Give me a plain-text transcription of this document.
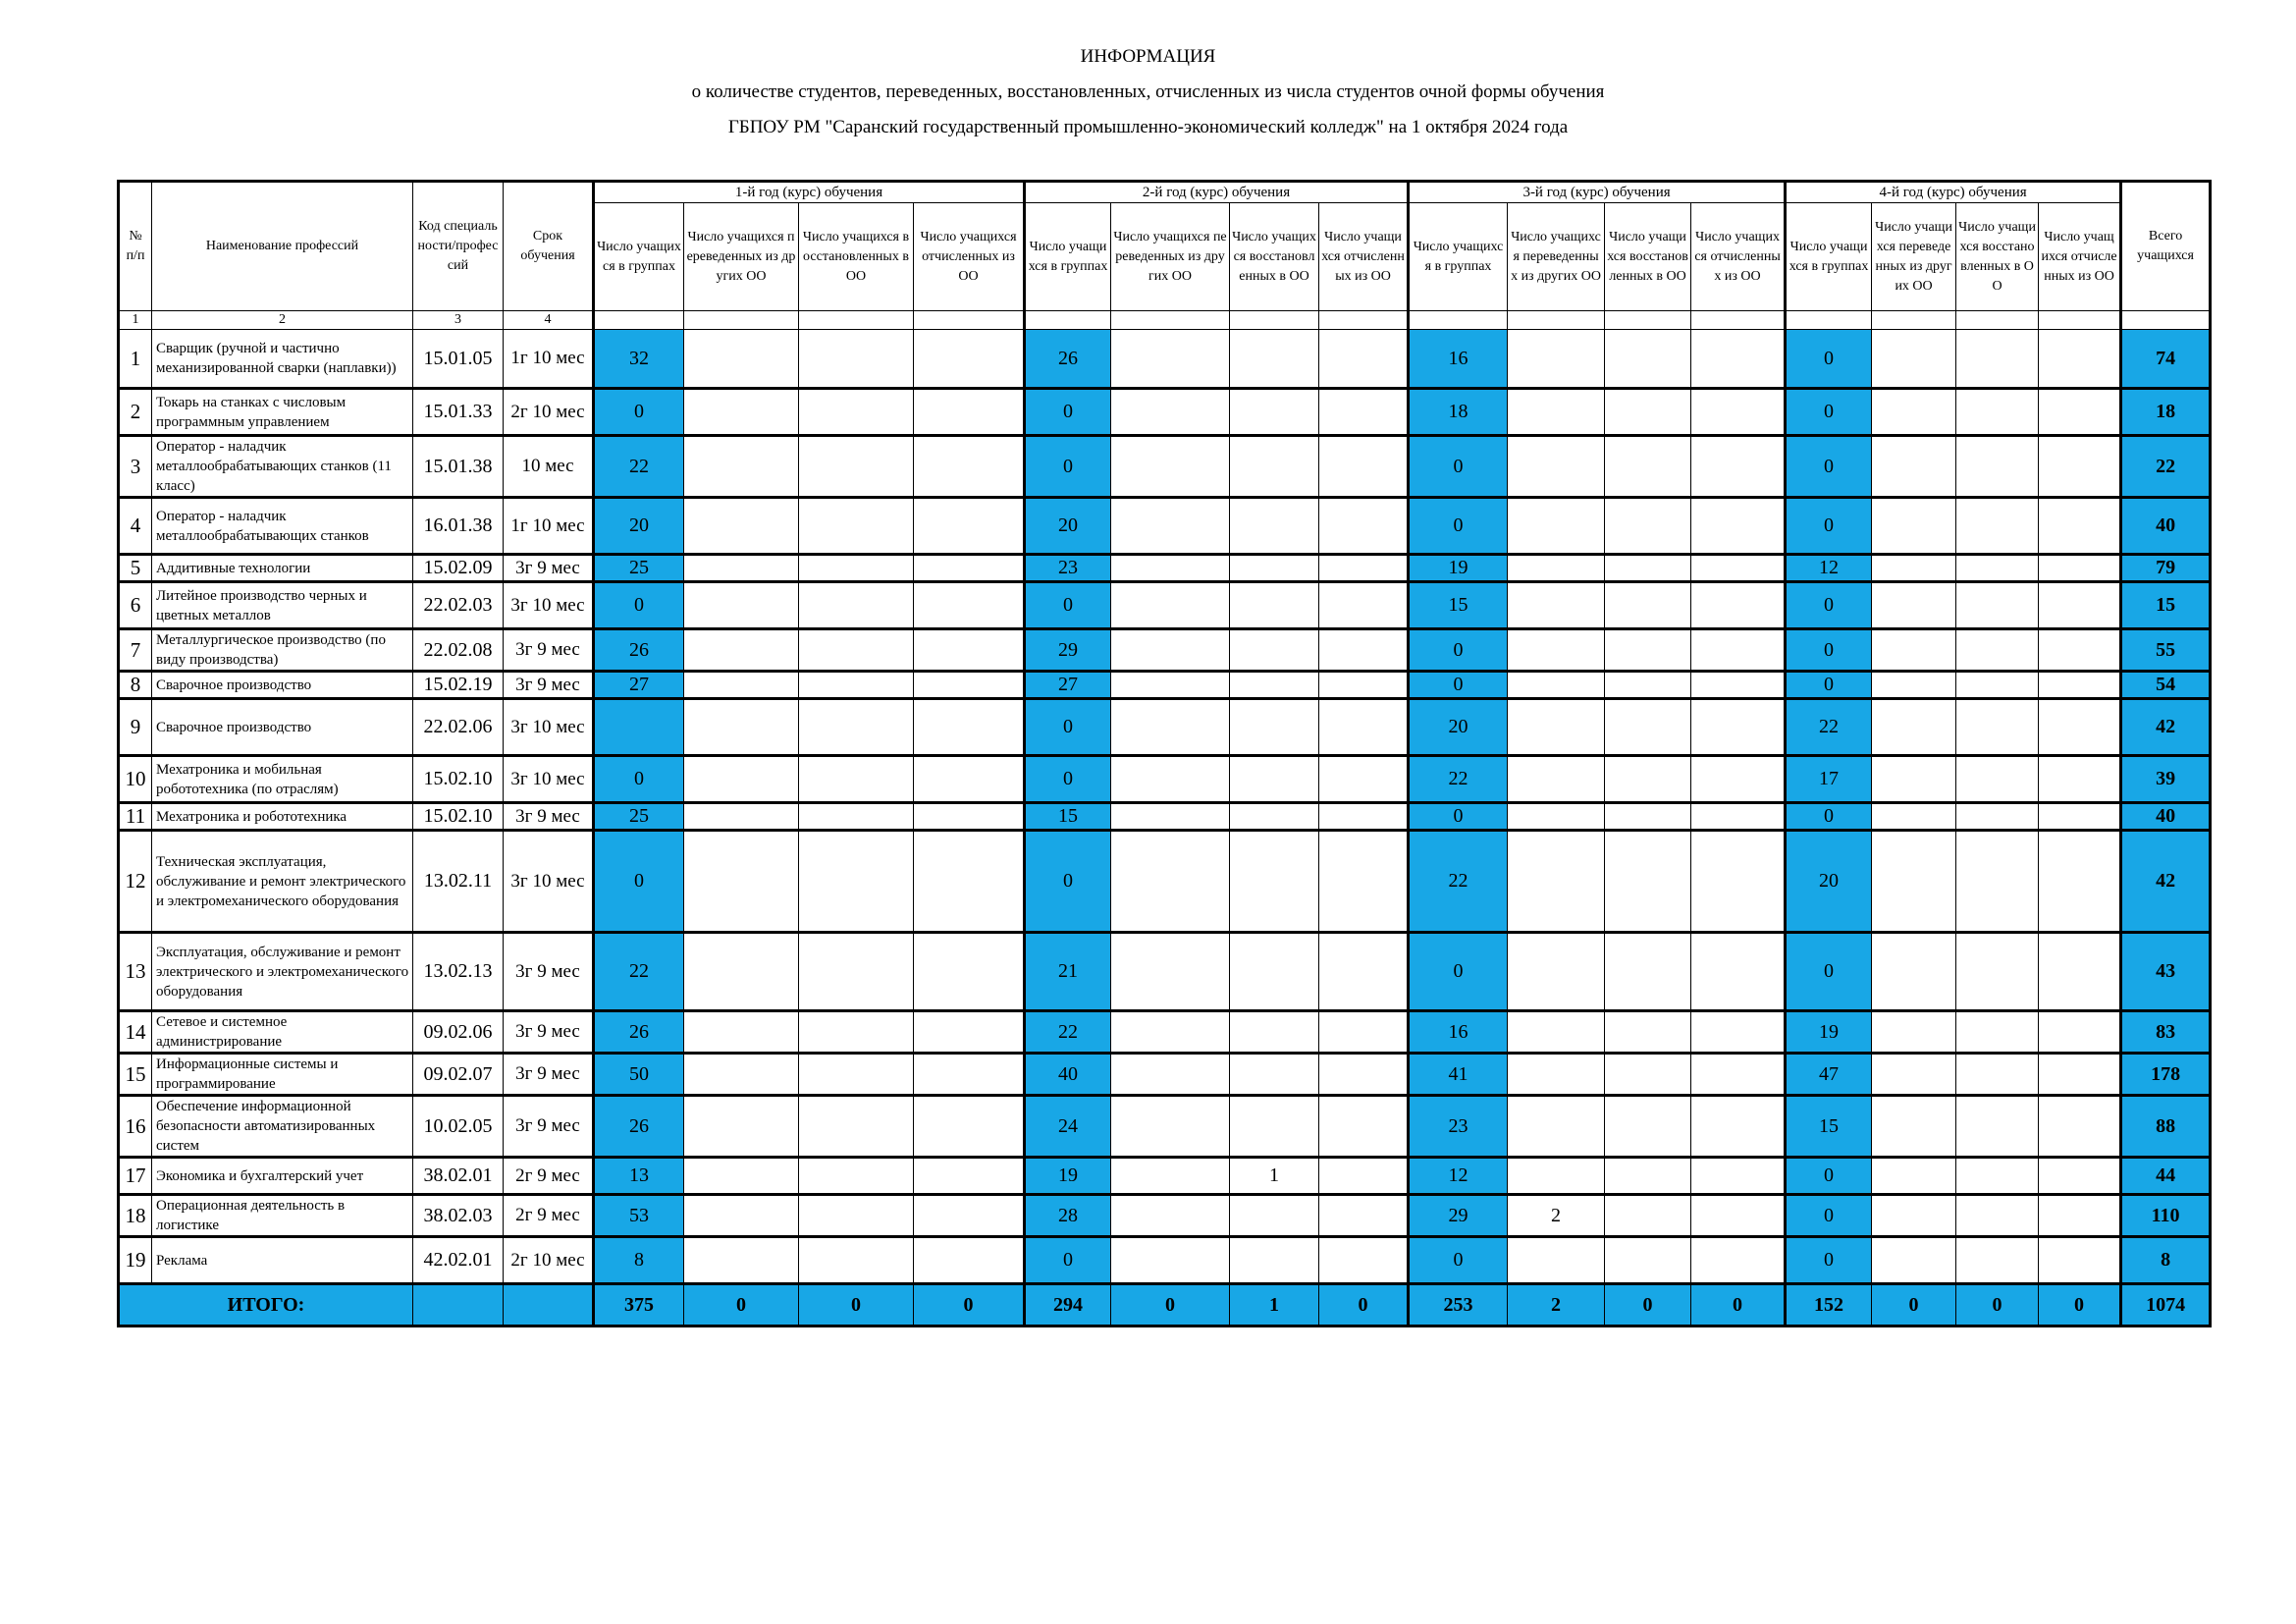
ИНФОРМАЦИЯ
о количестве студентов, переведенных, восстановленных, отчисленных из числа студентов очной формы обучения
ГБПОУ РМ "Саранский государственный промышленно-экономический колледж" на 1 октября 2024 года
№ п/п	Наименование профессий	Код специальности/профессий	Срок обучения	1-й год (курс) обучения				2-й год (курс) обучения				3-й год (курс) обучения				4-й год (курс) обучения				Всего учащихся
				Число учащихся в группах	Число учащихся переведенных из других ОО	Число учащихся восстановленных в ОО	Число учащихся отчисленных из ОО	Число учащихся в группах	Число учащихся переведенных из других ОО	Число учащихся восстановленных в ОО	Число учащихся отчисленных из ОО	Число учащихся в группах	Число учащихся переведенных из других ОО	Число учащихся восстановленных в ОО	Число учащихся отчисленных из ОО	Число учащихся в группах	Число учащихся переведенных из других ОО	Число учащихся восстановленных в ОО	Число учащихся отчисленных из ОО	
1	2	3	4																	
1	Сварщик (ручной и частично механизированной сварки (наплавки))	15.01.05	1г 10 мес	32				26				16				0				74
2	Токарь на станках с числовым программным управлением	15.01.33	2г 10 мес	0				0				18				0				18
3	Оператор - наладчик металлообрабатывающих станков (11 класс)	15.01.38	10 мес	22				0				0				0				22
4	Оператор - наладчик металлообрабатывающих станков	16.01.38	1г 10 мес	20				20				0				0				40
5	Аддитивные технологии	15.02.09	3г 9 мес	25				23				19				12				79
6	Литейное производство черных и цветных металлов	22.02.03	3г 10 мес	0				0				15				0				15
7	Металлургическое производство (по виду производства)	22.02.08	3г 9 мес	26				29				0				0				55
8	Сварочное производство	15.02.19	3г 9 мес	27				27				0				0				54
9	Сварочное производство	22.02.06	3г 10 мес					0				20				22				42
10	Мехатроника и мобильная робототехника (по отраслям)	15.02.10	3г 10 мес	0				0				22				17				39
11	Мехатроника и робототехника	15.02.10	3г 9 мес	25				15				0				0				40
12	Техническая эксплуатация, обслуживание и ремонт электрического и электромеханического оборудования	13.02.11	3г 10 мес	0				0				22				20				42
13	Эксплуатация, обслуживание и ремонт электрического и электромеханического оборудования	13.02.13	3г 9 мес	22				21				0				0				43
14	Сетевое и системное администрирование	09.02.06	3г 9 мес	26				22				16				19				83
15	Информационные системы и программирование	09.02.07	3г 9 мес	50				40				41				47				178
16	Обеспечение информационной безопасности автоматизированных систем	10.02.05	3г 9 мес	26				24				23				15				88
17	Экономика и бухгалтерский учет	38.02.01	2г 9 мес	13				19		1		12				0				44
18	Операционная деятельность в логистике	38.02.03	2г 9 мес	53				28				29	2			0				110
19	Реклама	42.02.01	2г 10 мес	8				0				0				0				8
ИТОГО:				375	0	0	0	294	0	1	0	253	2	0	0	152	0	0	0	1074
